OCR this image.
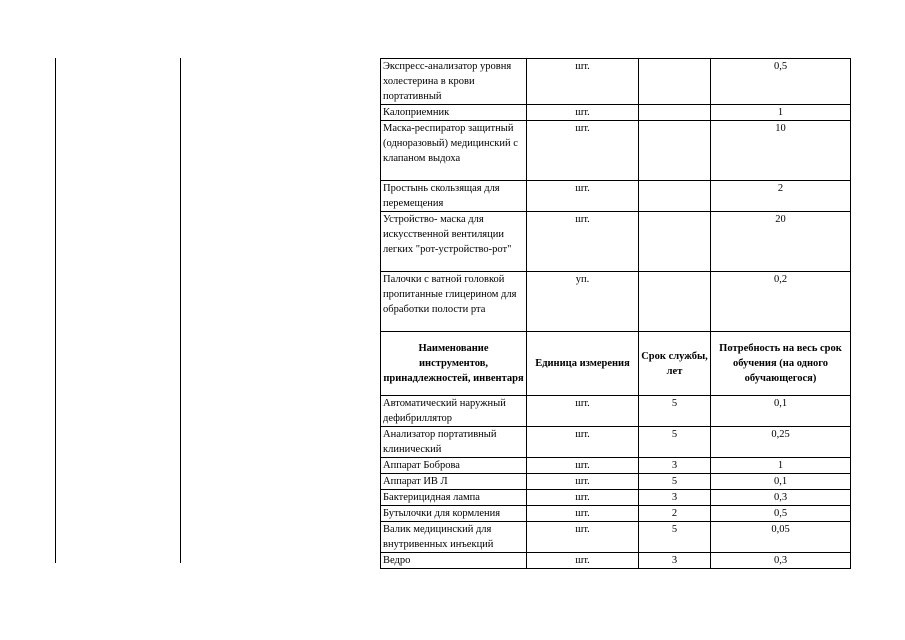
Экспресс-анализатор уровня холестерина в крови портативный	шт.		0,5
Калоприемник	шт.		1
Маска-респиратор защитный (одноразовый) медицинский с клапаном выдоха	шт.		10
Простынь скользящая для перемещения	шт.		2
Устройство- маска для искусственной вентиляции легких "рот-устройство-рот"	шт.		20
Палочки с ватной головкой пропитанные глицерином для обработки полости рта	уп.		0,2
Наименование инструментов, принадлежностей, инвентаря	Единица измерения	Срок службы, лет	Потребность на весь срок обучения (на одного обучающегося)
Автоматический наружный дефибриллятор	шт.	5	0,1
Анализатор портативный клинический	шт.	5	0,25
Аппарат Боброва	шт.	3	1
Аппарат ИВ Л	шт.	5	0,1
Бактерицидная лампа	шт.	3	0,3
Бутылочки для кормления	шт.	2	0,5
Валик медицинский для внутривенных инъекций	шт.	5	0,05
Ведро	шт.	3	0,3
